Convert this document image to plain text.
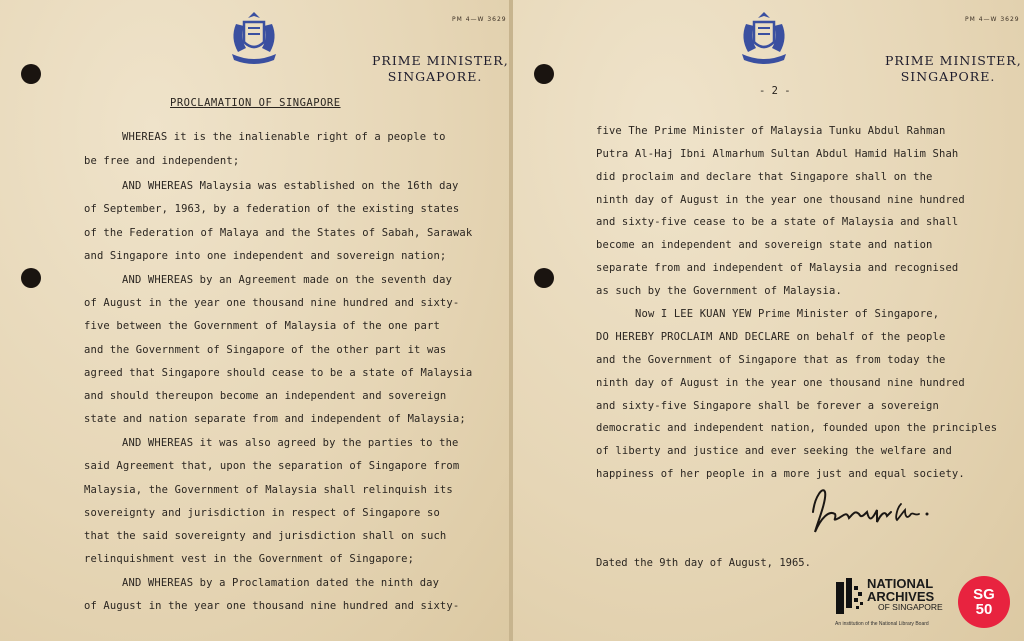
PM 4—W 3629
PRIME MINISTER,
SINGAPORE.
PROCLAMATION OF SINGAPORE
WHEREAS it is the inalienable right of a people to
be free and independent;
AND WHEREAS Malaysia was established on the 16th day
of September, 1963, by a federation of the existing states
of the Federation of Malaya and the States of Sabah, Sarawak
and Singapore into one independent and sovereign nation;
AND WHEREAS by an Agreement made on the seventh day
of August in the year one thousand nine hundred and sixty-
five between the Government of Malaysia of the one part
and the Government of Singapore of the other part it was
agreed that Singapore should cease to be a state of Malaysia
and should thereupon become an independent and sovereign
state and nation separate from and independent of Malaysia;
AND WHEREAS it was also agreed by the parties to the
said Agreement that, upon the separation of Singapore from
Malaysia, the Government of Malaysia shall relinquish its
sovereignty and jurisdiction in respect of Singapore so
that the said sovereignty and jurisdiction shall on such
relinquishment vest in the Government of Singapore;
AND WHEREAS by a Proclamation dated the ninth day
of August in the year one thousand nine hundred and sixty-
PM 4—W 3629
PRIME MINISTER,
SINGAPORE.
- 2 -
five The Prime Minister of Malaysia Tunku Abdul Rahman
Putra Al-Haj Ibni Almarhum Sultan Abdul Hamid Halim Shah
did proclaim and declare that Singapore shall on the
ninth day of August in the year one thousand nine hundred
and sixty-five cease to be a state of Malaysia and shall
become an independent and sovereign state and nation
separate from and independent of Malaysia and recognised
as such by the Government of Malaysia.
Now I LEE KUAN YEW Prime Minister of Singapore,
DO HEREBY PROCLAIM AND DECLARE on behalf of the people
and the Government of Singapore that as from today the
ninth day of August in the year one thousand nine hundred
and sixty-five Singapore shall be forever a sovereign
democratic and independent nation, founded upon the principles
of liberty and justice and ever seeking the welfare and
happiness of her people in a more just and equal society.
Dated the 9th day of August, 1965.
NATIONAL
ARCHIVES
OF SINGAPORE
An institution of the National Library Board
SG
50
